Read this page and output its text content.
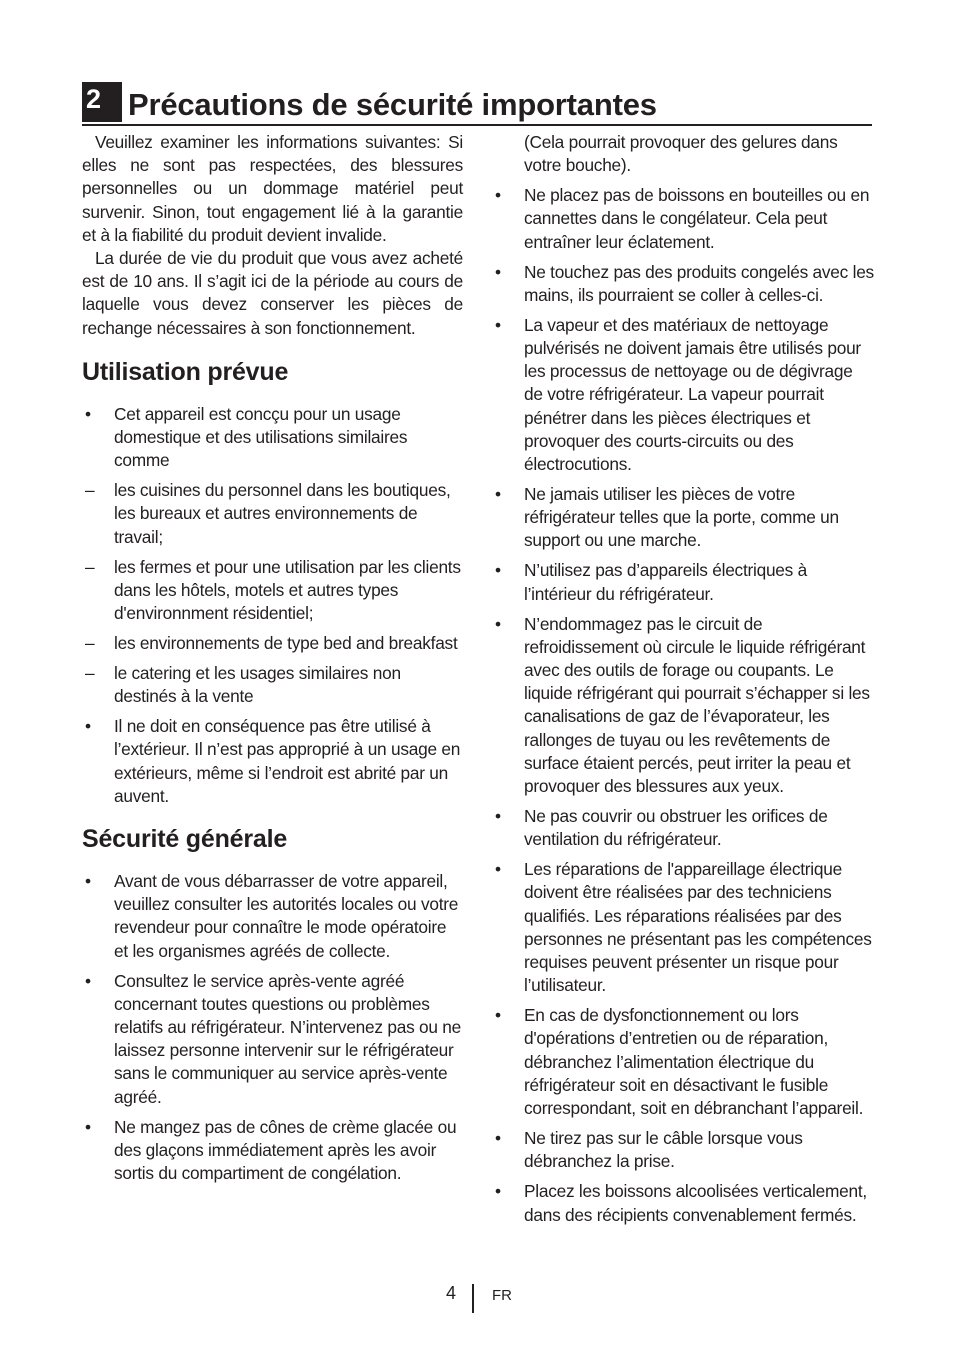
2 Précautions de sécurité importantes

Veuillez examiner les informations suivantes: Si elles ne sont pas respectées, des blessures personnelles ou un dommage matériel peut survenir. Sinon, tout engagement lié à la garantie et à la fiabilité du produit devient invalide.

La durée de vie du produit que vous avez acheté est de 10 ans. Il s’agit ici de la période au cours de laquelle vous devez conserver les pièces de rechange nécessaires à son fonctionnement.

Utilisation prévue
• Cet appareil est concçu pour un usage domestique et des utilisations similaires comme
– les cuisines du personnel dans les boutiques, les bureaux et autres environnements de travail;
– les fermes et pour une utilisation par les clients dans les hôtels, motels et autres types d'environnment résidentiel;
– les environnements de type bed and breakfast
– le catering et les usages similaires non destinés à la vente
• Il ne doit en conséquence pas être utilisé à l’extérieur. Il n’est pas approprié à un usage en extérieurs, même si l’endroit est abrité par un auvent.
Sécurité générale
• Avant de vous débarrasser de votre appareil, veuillez consulter les autorités locales ou votre revendeur pour connaître le mode opératoire et les organismes agréés de collecte.
• Consultez le service après-vente agréé concernant toutes questions ou problèmes relatifs au réfrigérateur. N’intervenez pas ou ne laissez personne intervenir sur le réfrigérateur sans le communiquer au service après-vente agréé.
• Ne mangez pas de cônes de crème glacée ou des glaçons immédiatement après les avoir sortis du compartiment de congélation.
(Cela pourrait provoquer des gelures dans votre bouche).
• Ne placez pas de boissons en bouteilles ou en cannettes dans le congélateur. Cela peut entraîner leur éclatement.
• Ne touchez pas des produits congelés avec les mains, ils pourraient se coller à celles-ci.
• La vapeur et des matériaux de nettoyage pulvérisés ne doivent jamais être utilisés pour les processus de nettoyage ou de dégivrage de votre réfrigérateur. La vapeur pourrait pénétrer dans les pièces électriques et provoquer des courts-circuits ou des électrocutions.
• Ne jamais utiliser les pièces de votre réfrigérateur telles que la porte, comme un support ou une marche.
• N’utilisez pas d’appareils électriques à l’intérieur du réfrigérateur.
• N’endommagez pas le circuit de refroidissement où circule le liquide réfrigérant avec des outils de forage ou coupants. Le liquide réfrigérant qui pourrait s’échapper si les canalisations de gaz de l’évaporateur, les rallonges de tuyau ou les revêtements de surface étaient percés, peut irriter la peau et provoquer des blessures aux yeux.
• Ne pas couvrir ou obstruer les orifices de ventilation du réfrigérateur.
• Les réparations de l'appareillage électrique doivent être réalisées par des techniciens qualifiés. Les réparations réalisées par des personnes ne présentant pas les compétences requises peuvent présenter un risque pour l’utilisateur.
• En cas de dysfonctionnement ou lors d'opérations d’entretien ou de réparation, débranchez l’alimentation électrique du réfrigérateur soit en désactivant le fusible correspondant, soit en débranchant l’appareil.
• Ne tirez pas sur le câble lorsque vous débranchez la prise.
• Placez les boissons alcoolisées verticalement, dans des récipients convenablement fermés.
4 FR
